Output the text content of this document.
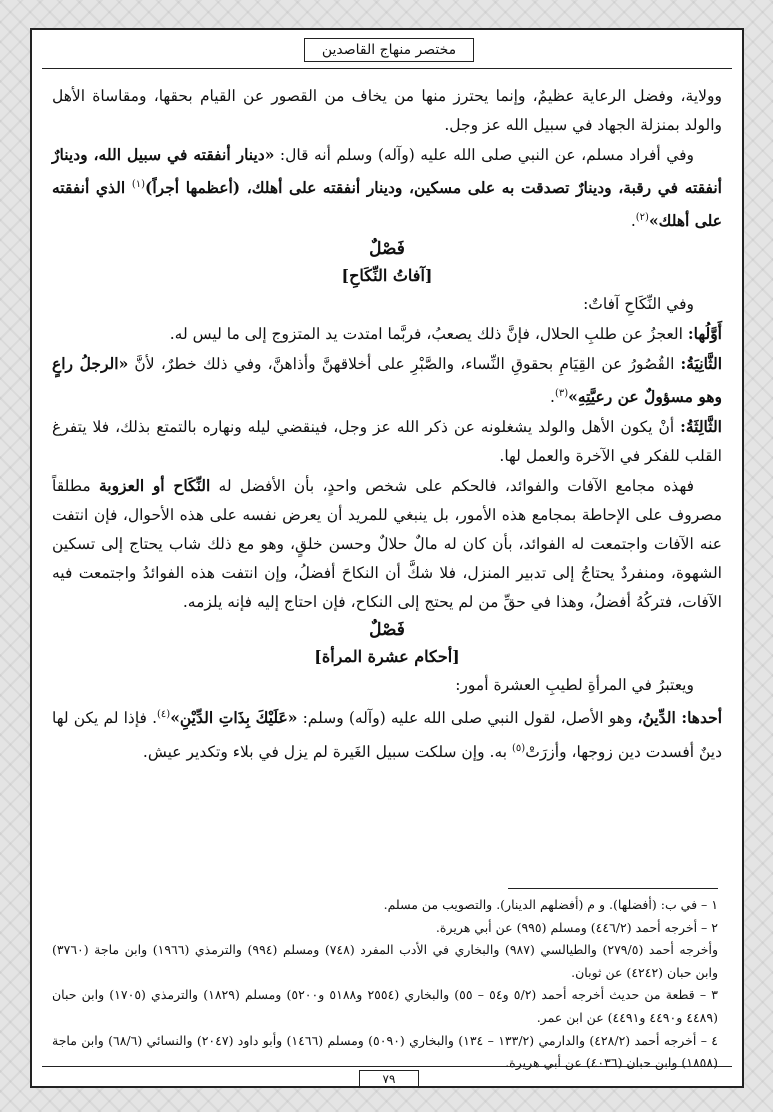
مختصر منهاج القاصدين

وولاية، وفضل الرعاية عظيمٌ، وإنما يحترز منها من يخاف من القصور عن القيام بحقها، ومقاساة الأهل والولد بمنزلة الجهاد في سبيل الله عز وجل.

وفي أفراد مسلم، عن النبي صلى الله عليه (وآله) وسلم أنه قال: «دينار أنفقته في سبيل الله، ودينارٌ أنفقته في رقبة، ودينارٌ تصدقت به على مسكين، ودينار أنفقته على أهلك، (أعظمها أجراً)$^{(١)}$ الذي أنفقته على أهلك»$^{(٢)}$.

فَصْلٌ

[آفاتُ النِّكَاحِ]

وفي النِّكَاحِ آفاتٌ:

أَوَّلُها: العجزُ عن طلبِ الحلال، فإنَّ ذلك يصعبُ، فربَّما امتدت يد المتزوج إلى ما ليس له.

الثَّانِيَةُ: القُصُورُ عن القِيَامِ بحقوقِ النِّساء، والصَّبْرِ على أخلاقهنَّ وأذاهنَّ، وفي ذلك خطرٌ، لأنَّ «الرجلُ راعٍ وهو مسؤولٌ عن رعيَّتِهِ»$^{(٣)}$.

الثَّالِثَةُ: أنْ يكون الأهل والولد يشغلونه عن ذكر الله عز وجل، فينقضي ليله ونهاره بالتمتع بذلك، فلا يتفرغ القلب للفكر في الآخرة والعمل لها.

فهذه مجامع الآفات والفوائد، فالحكم على شخص واحدٍ، بأن الأفضل له النِّكَاح أو العزوبة مطلقاً مصروف على الإحاطة بمجامع هذه الأمور، بل ينبغي للمريد أن يعرض نفسه على هذه الأحوال، فإن انتفت عنه الآفات واجتمعت له الفوائد، بأن كان له مالٌ حلالٌ وحسن خلقٍ، وهو مع ذلك شاب يحتاج إلى تسكين الشهوة، ومنفردٌ يحتاجُ إلى تدبير المنزل، فلا شكَّ أن النكاحَ أفضلُ، وإن انتفت هذه الفوائدُ واجتمعت فيه الآفات، فتركُهُ أفضلُ، وهذا في حقِّ من لم يحتج إلى النكاح، فإن احتاج إليه فإنه يلزمه.

فَصْلٌ

[أحكام عشرة المرأة]

ويعتبرُ في المرأةِ لطيبِ العشرة أمور:

أحدها: الدِّينُ، وهو الأصل، لقول النبي صلى الله عليه (وآله) وسلم: «عَلَيْكَ بِذَاتِ الدِّيْنِ»$^{(٤)}$. فإذا لم يكن لها دينٌ أفسدت دين زوجها، وأزرَتْ$^{(٥)}$ به. وإن سلكت سبيل الغَيرة لم يزل في بلاء وتكدير عيش.

١ – في ب: (أفضلها). و م (أفضلهم الدينار). والتصويب من مسلم.

٢ – أخرجه أحمد (٤٤٦/٢) ومسلم (٩٩٥) عن أبي هريرة.

وأخرجه أحمد (٢٧٩/٥) والطيالسي (٩٨٧) والبخاري في الأدب المفرد (٧٤٨) ومسلم (٩٩٤) والترمذي (١٩٦٦) وابن ماجة (٣٧٦٠) وابن حبان (٤٢٤٢) عن ثوبان.

٣ – قطعة من حديث أخرجه أحمد (٥/٢ و٥٤ – ٥٥) والبخاري (٢٥٥٤ و٥١٨٨ و٥٢٠٠) ومسلم (١٨٢٩) والترمذي (١٧٠٥) وابن حبان (٤٤٨٩ و٤٤٩٠ و٤٤٩١) عن ابن عمر.

٤ – أخرجه أحمد (٤٢٨/٢) والدارمي (١٣٣/٢ – ١٣٤) والبخاري (٥٠٩٠) ومسلم (١٤٦٦) وأبو داود (٢٠٤٧) والنسائي (٦٨/٦) وابن ماجة (١٨٥٨) وابن حبان (٤٠٣٦) عن أبي هريرة.

٧٩
